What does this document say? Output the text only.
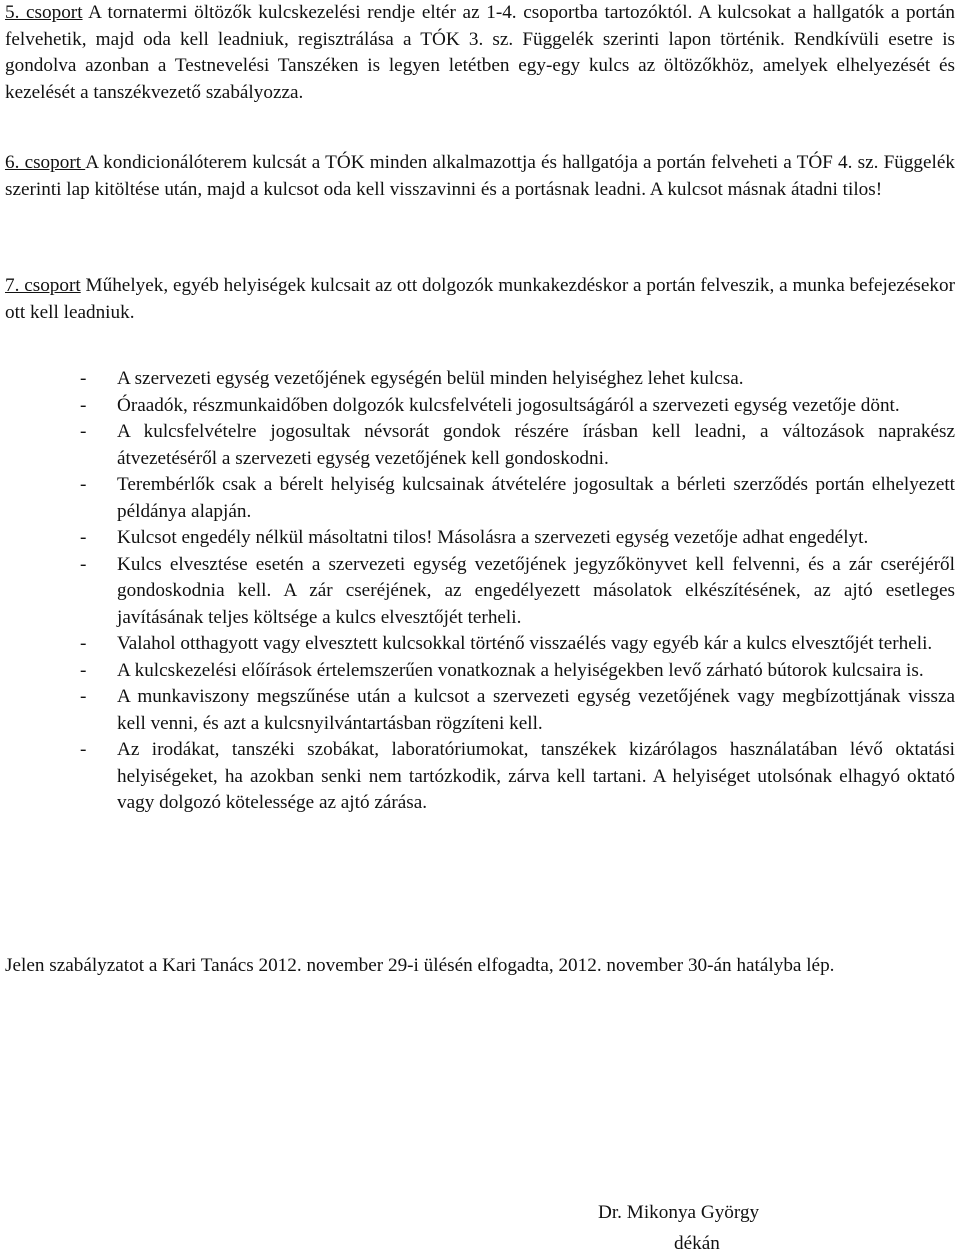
5. csoport A tornatermi öltözők kulcskezelési rendje eltér az 1-4. csoportba tartozóktól. A kulcsokat a hallgatók a portán felvehetik, majd oda kell leadniuk, regisztrálása a TÓK 3. sz. Függelék szerinti lapon történik. Rendkívüli esetre is gondolva azonban a Testnevelési Tanszéken is legyen letétben egy-egy kulcs az öltözőkhöz, amelyek elhelyezését és kezelését a tanszékvezető szabályozza.

6. csoport A kondicionálóterem kulcsát a TÓK minden alkalmazottja és hallgatója a portán felveheti a TÓF 4. sz. Függelék szerinti lap kitöltése után, majd a kulcsot oda kell visszavinni és a portásnak leadni. A kulcsot másnak átadni tilos!

7. csoport Műhelyek, egyéb helyiségek kulcsait az ott dolgozók munkakezdéskor a portán felveszik, a munka befejezésekor ott kell leadniuk.

- A szervezeti egység vezetőjének egységén belül minden helyiséghez lehet kulcsa.
- Óraadók, részmunkaidőben dolgozók kulcsfelvételi jogosultságáról a szervezeti egység vezetője dönt.
- A kulcsfelvételre jogosultak névsorát gondok részére írásban kell leadni, a változások naprakész átvezetéséről a szervezeti egység vezetőjének kell gondoskodni.
- Terembérlők csak a bérelt helyiség kulcsainak átvételére jogosultak a bérleti szerződés portán elhelyezett példánya alapján.
- Kulcsot engedély nélkül másoltatni tilos! Másolásra a szervezeti egység vezetője adhat engedélyt.
- Kulcs elvesztése esetén a szervezeti egység vezetőjének jegyzőkönyvet kell felvenni, és a zár cseréjéről gondoskodnia kell. A zár cseréjének, az engedélyezett másolatok elkészítésének, az ajtó esetleges javításának teljes költsége a kulcs elvesztőjét terheli.
- Valahol otthagyott vagy elvesztett kulcsokkal történő visszaélés vagy egyéb kár a kulcs elvesztőjét terheli.
- A kulcskezelési előírások értelemszerűen vonatkoznak a helyiségekben levő zárható bútorok kulcsaira is.
- A munkaviszony megszűnése után a kulcsot a szervezeti egység vezetőjének vagy megbízottjának vissza kell venni, és azt a kulcsnyilvántartásban rögzíteni kell.
- Az irodákat, tanszéki szobákat, laboratóriumokat, tanszékek kizárólagos használatában lévő oktatási helyiségeket, ha azokban senki nem tartózkodik, zárva kell tartani. A helyiséget utolsónak elhagyó oktató vagy dolgozó kötelessége az ajtó zárása.

Jelen szabályzatot a Kari Tanács 2012. november 29-i ülésén elfogadta, 2012. november 30-án hatályba lép.

Dr. Mikonya György
dékán
